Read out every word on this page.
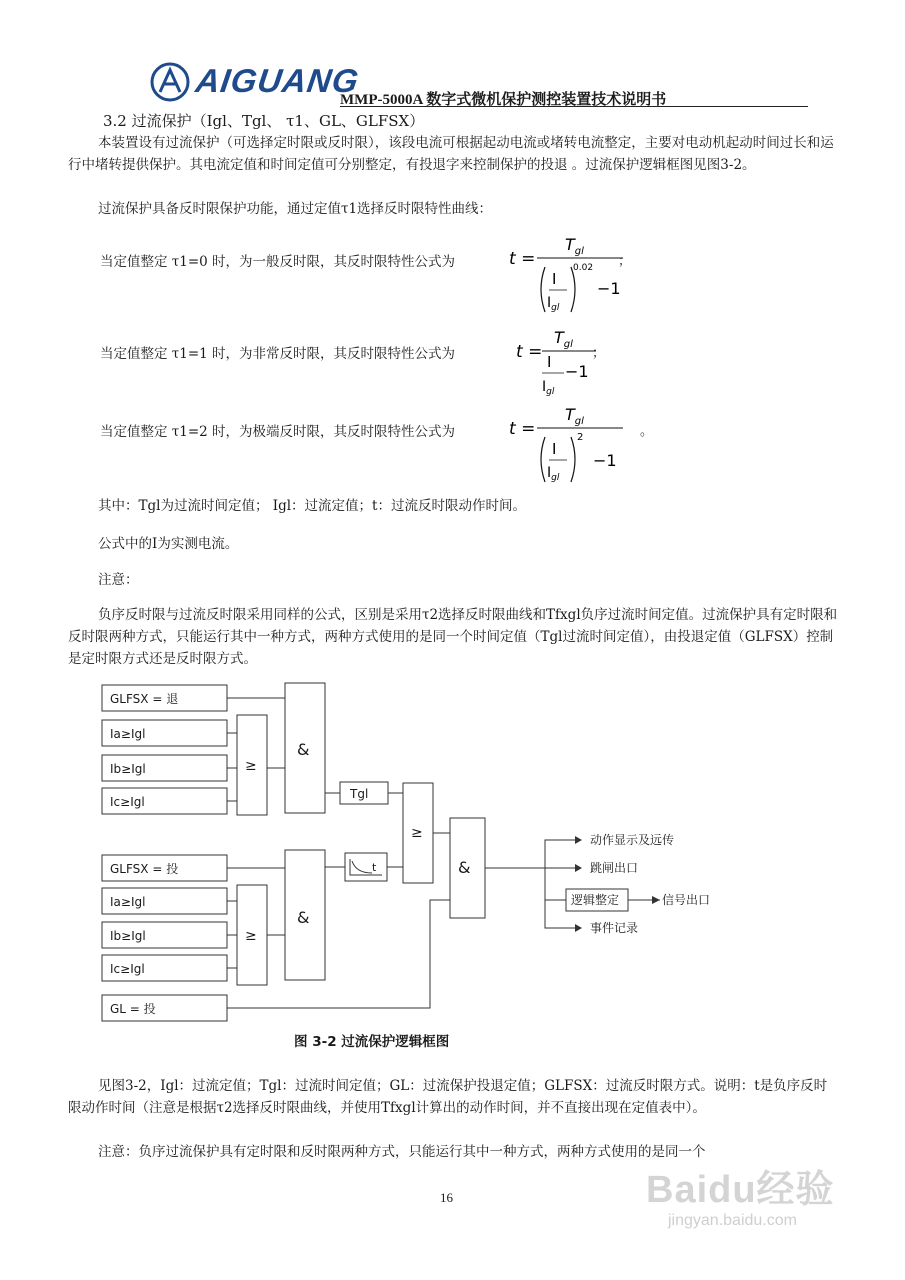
AIGUANG
MMP-5000A 数字式微机保护测控装置技术说明书
3.2 过流保护（Igl、Tgl、 τ1、GL、GLFSX）
本装置设有过流保护（可选择定时限或反时限），该段电流可根据起动电流或堵转电流整定，主要对电动机起动时间过长和运行中堵转提供保护。其电流定值和时间定值可分别整定，有投退字来控制保护的投退 。过流保护逻辑框图见图3-2。
过流保护具备反时限保护功能，通过定值τ1选择反时限特性曲线：
当定值整定 τ1=0 时，为一般反时限，其反时限特性公式为	t =
$T_{gl}$
I
$I_{gl}$
0.02
−1
；
当定值整定 τ1=1 时，为非常反时限，其反时限特性公式为	t =
$T_{gl}$
I
$I_{gl}$
−1
；
当定值整定 τ1=2 时，为极端反时限，其反时限特性公式为	t =
$T_{gl}$
I
$I_{gl}$
2
−1
。
其中：Tgl为过流时间定值； Igl：过流定值；t：过流反时限动作时间。
公式中的I为实测电流。
注意：
负序反时限与过流反时限采用同样的公式，区别是采用τ2选择反时限曲线和Tfxgl负序过流时间定值。过流保护具有定时限和反时限两种方式，只能运行其中一种方式，两种方式使用的是同一个时间定值（Tgl过流时间定值），由投退定值（GLFSX）控制是定时限方式还是反时限方式。
GLFSX = 退
Ia≥Igl
Ib≥Igl
Ic≥Igl
GLFSX = 投
Ia≥Igl
Ib≥Igl
Ic≥Igl
GL = 投
≥
≥
≥
&
&
&
Tgl
t
动作显示及远传
跳闸出口
逻辑整定	信号出口
事件记录
图 3-2 过流保护逻辑框图
见图3-2，Igl：过流定值；Tgl：过流时间定值；GL：过流保护投退定值；GLFSX：过流反时限方式。说明：t是负序反时限动作时间（注意是根据τ2选择反时限曲线，并使用Tfxgl计算出的动作时间，并不直接出现在定值表中）。
注意：负序过流保护具有定时限和反时限两种方式，只能运行其中一种方式，两种方式使用的是同一个
16	Baidu经验
jingyan.baidu.com
